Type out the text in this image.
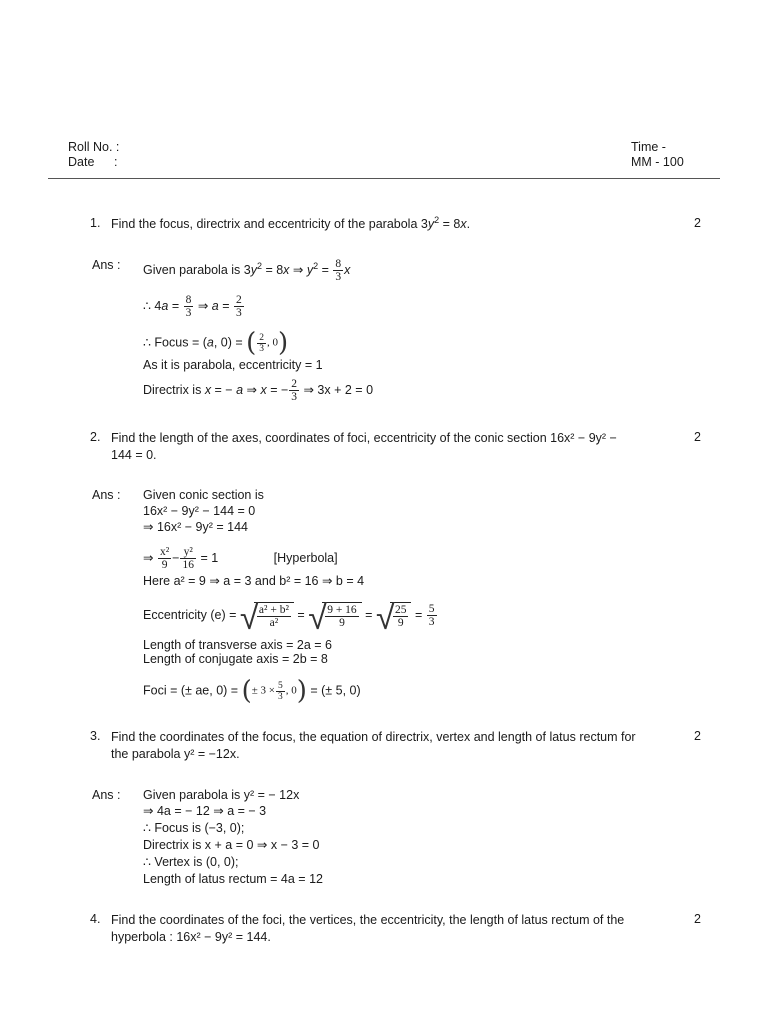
Roll No. :
Date :
Time -
MM - 100
1. Find the focus, directrix and eccentricity of the parabola $3y^2 = 8x$.	2
Ans : Given parabola is $3y^2 = 8x$ ⇒ $y^2 = \frac{8}{3}$ x
∴ $4a = \frac{8}{3}$ ⇒ $a = \frac{2}{3}$
∴ Focus = (a, 0) = ( $\frac{2}{3}$ , 0)
As it is parabola, eccentricity = 1
Directrix is x = − a ⇒ x = − $\frac{2}{3}$ ⇒ 3x + 2 = 0
2. Find the length of the axes, coordinates of foci, eccentricity of the conic section 16x² − 9y² −
144 = 0.
2
Ans : Given conic section is
16x² − 9y² − 144 = 0
⇒ 16x² − 9y² = 144
⇒ $\frac{\text{x²}}{9} - \frac{\text{y²}}{16} = 1$	[Hyperbola]
Here a² = 9 ⇒ a = 3 and b² = 16 ⇒ b = 4
Eccentricity (e) = √
$\frac{\text{a² + b²}}{\text{a²}}$ = √
$\frac{9 + 16}{9}$ = √
$\frac{25}{9} = \frac{5}{3}$
Length of transverse axis = 2a = 6
Length of conjugate axis = 2b = 8
Foci = (± ae, 0) = (± $3 \times \frac{5}{3}$ , 0) = (± 5, 0)
3. Find the coordinates of the focus, the equation of directrix, vertex and length of latus rectum for
the parabola y² = −12x.
2
Ans : Given parabola is y² = − 12x
⇒ 4a = − 12 ⇒ a = − 3
∴ Focus is (−3, 0);
Directrix is x + a = 0 ⇒ x − 3 = 0
∴ Vertex is (0, 0);
Length of latus rectum = 4a = 12
4. Find the coordinates of the foci, the vertices, the eccentricity, the length of latus rectum of the
hyperbola : 16x² − 9y² = 144.
2
